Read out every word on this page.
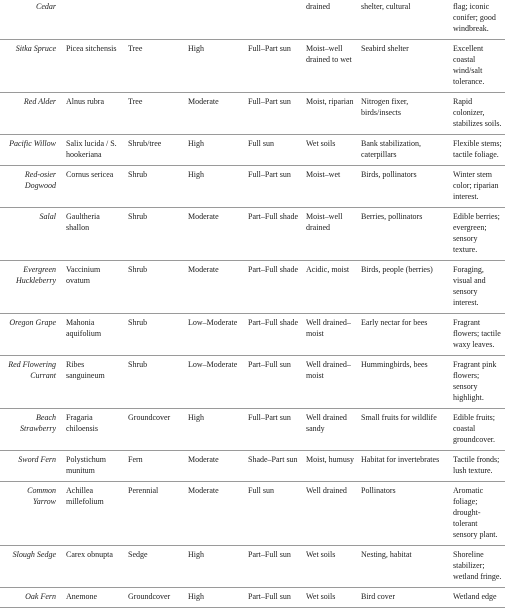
Cedar					drained	shelter, cultural	flag; iconic conifer; good windbreak.
Sitka Spruce	Picea sitchensis	Tree	High	Full–Part sun	Moist–well drained to wet	Seabird shelter	Excellent coastal wind/salt tolerance.
Red Alder	Alnus rubra	Tree	Moderate	Full–Part sun	Moist, riparian	Nitrogen fixer, birds/insects	Rapid colonizer, stabilizes soils.
Pacific Willow	Salix lucida / S. hookeriana	Shrub/tree	High	Full sun	Wet soils	Bank stabilization, caterpillars	Flexible stems; tactile foliage.
Red-osier Dogwood	Cornus sericea	Shrub	High	Full–Part sun	Moist–wet	Birds, pollinators	Winter stem color; riparian interest.
Salal	Gaultheria shallon	Shrub	Moderate	Part–Full shade	Moist–well drained	Berries, pollinators	Edible berries; evergreen; sensory texture.
Evergreen Huckleberry	Vaccinium ovatum	Shrub	Moderate	Part–Full shade	Acidic, moist	Birds, people (berries)	Foraging, visual and sensory interest.
Oregon Grape	Mahonia aquifolium	Shrub	Low–Moderate	Part–Full shade	Well drained–moist	Early nectar for bees	Fragrant flowers; tactile waxy leaves.
Red Flowering Currant	Ribes sanguineum	Shrub	Low–Moderate	Part–Full sun	Well drained–moist	Hummingbirds, bees	Fragrant pink flowers; sensory highlight.
Beach Strawberry	Fragaria chiloensis	Groundcover	High	Full–Part sun	Well drained sandy	Small fruits for wildlife	Edible fruits; coastal groundcover.
Sword Fern	Polystichum munitum	Fern	Moderate	Shade–Part sun	Moist, humusy	Habitat for invertebrates	Tactile fronds; lush texture.
Common Yarrow	Achillea millefolium	Perennial	Moderate	Full sun	Well drained	Pollinators	Aromatic foliage; drought-tolerant sensory plant.
Slough Sedge	Carex obnupta	Sedge	High	Part–Full sun	Wet soils	Nesting, habitat	Shoreline stabilizer; wetland fringe.
Oak Fern	Anemone	Groundcover	High	Part–Full sun	Wet soils	Bird cover	Wetland edge
